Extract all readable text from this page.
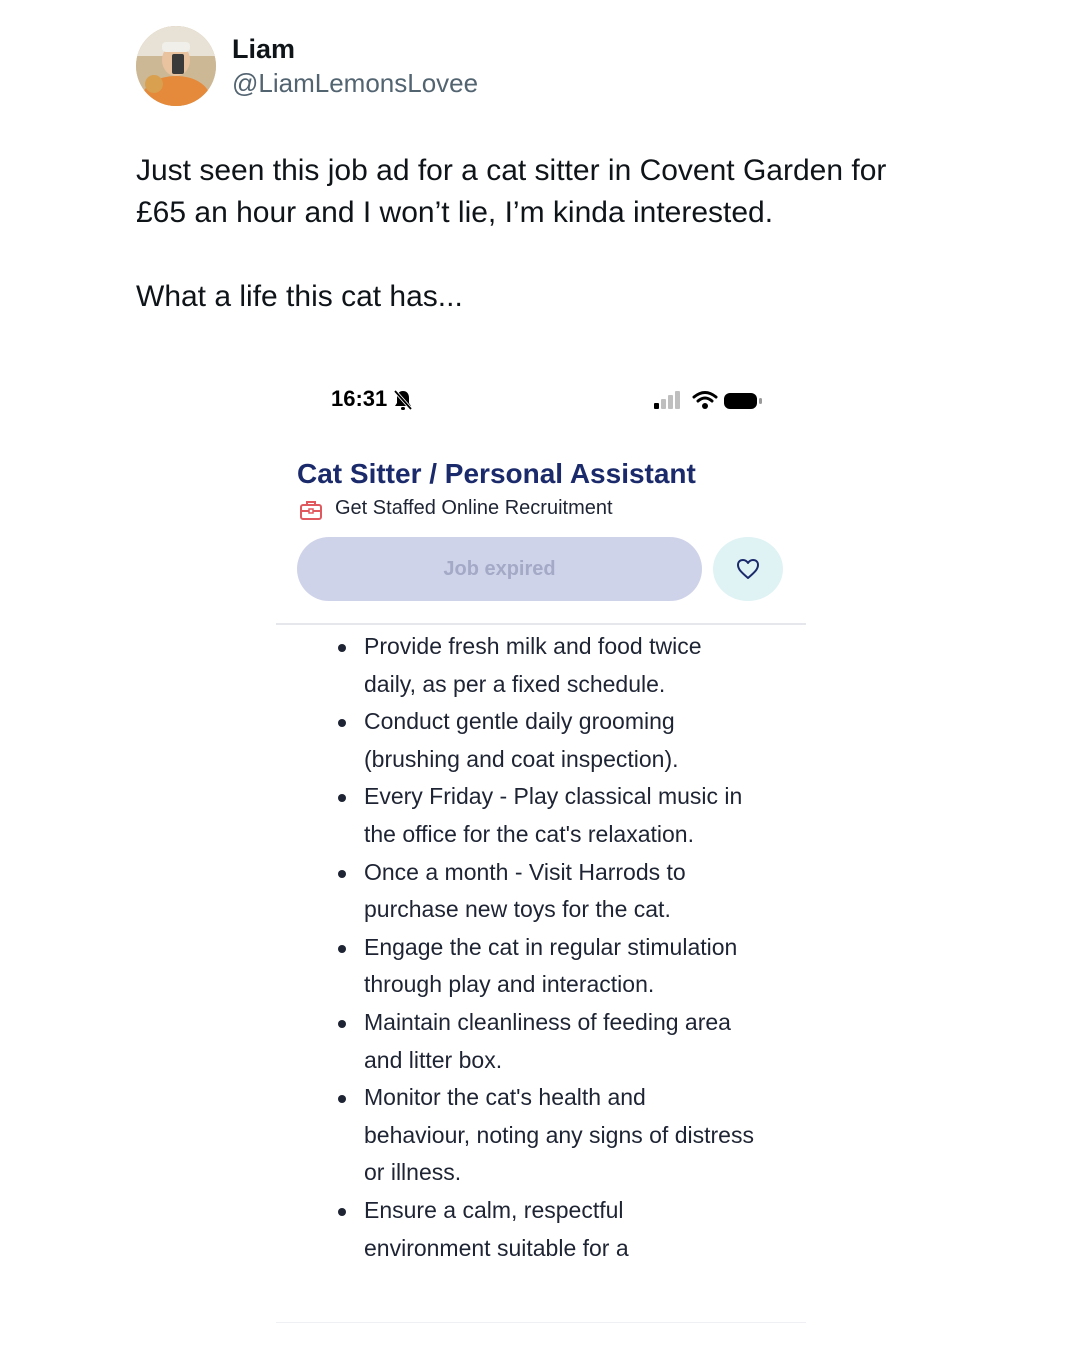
Liam
@LiamLemonsLovee

Just seen this job ad for a cat sitter in Covent Garden for £65 an hour and I won’t lie, I’m kinda interested.

What a life this cat has...

16:31
Cat Sitter / Personal Assistant
Get Staffed Online Recruitment
Job expired
Provide fresh milk and food twice daily, as per a fixed schedule.
Conduct gentle daily grooming (brushing and coat inspection).
Every Friday - Play classical music in the office for the cat's relaxation.
Once a month - Visit Harrods to purchase new toys for the cat.
Engage the cat in regular stimulation through play and interaction.
Maintain cleanliness of feeding area and litter box.
Monitor the cat's health and behaviour, noting any signs of distress or illness.
Ensure a calm, respectful environment suitable for a
